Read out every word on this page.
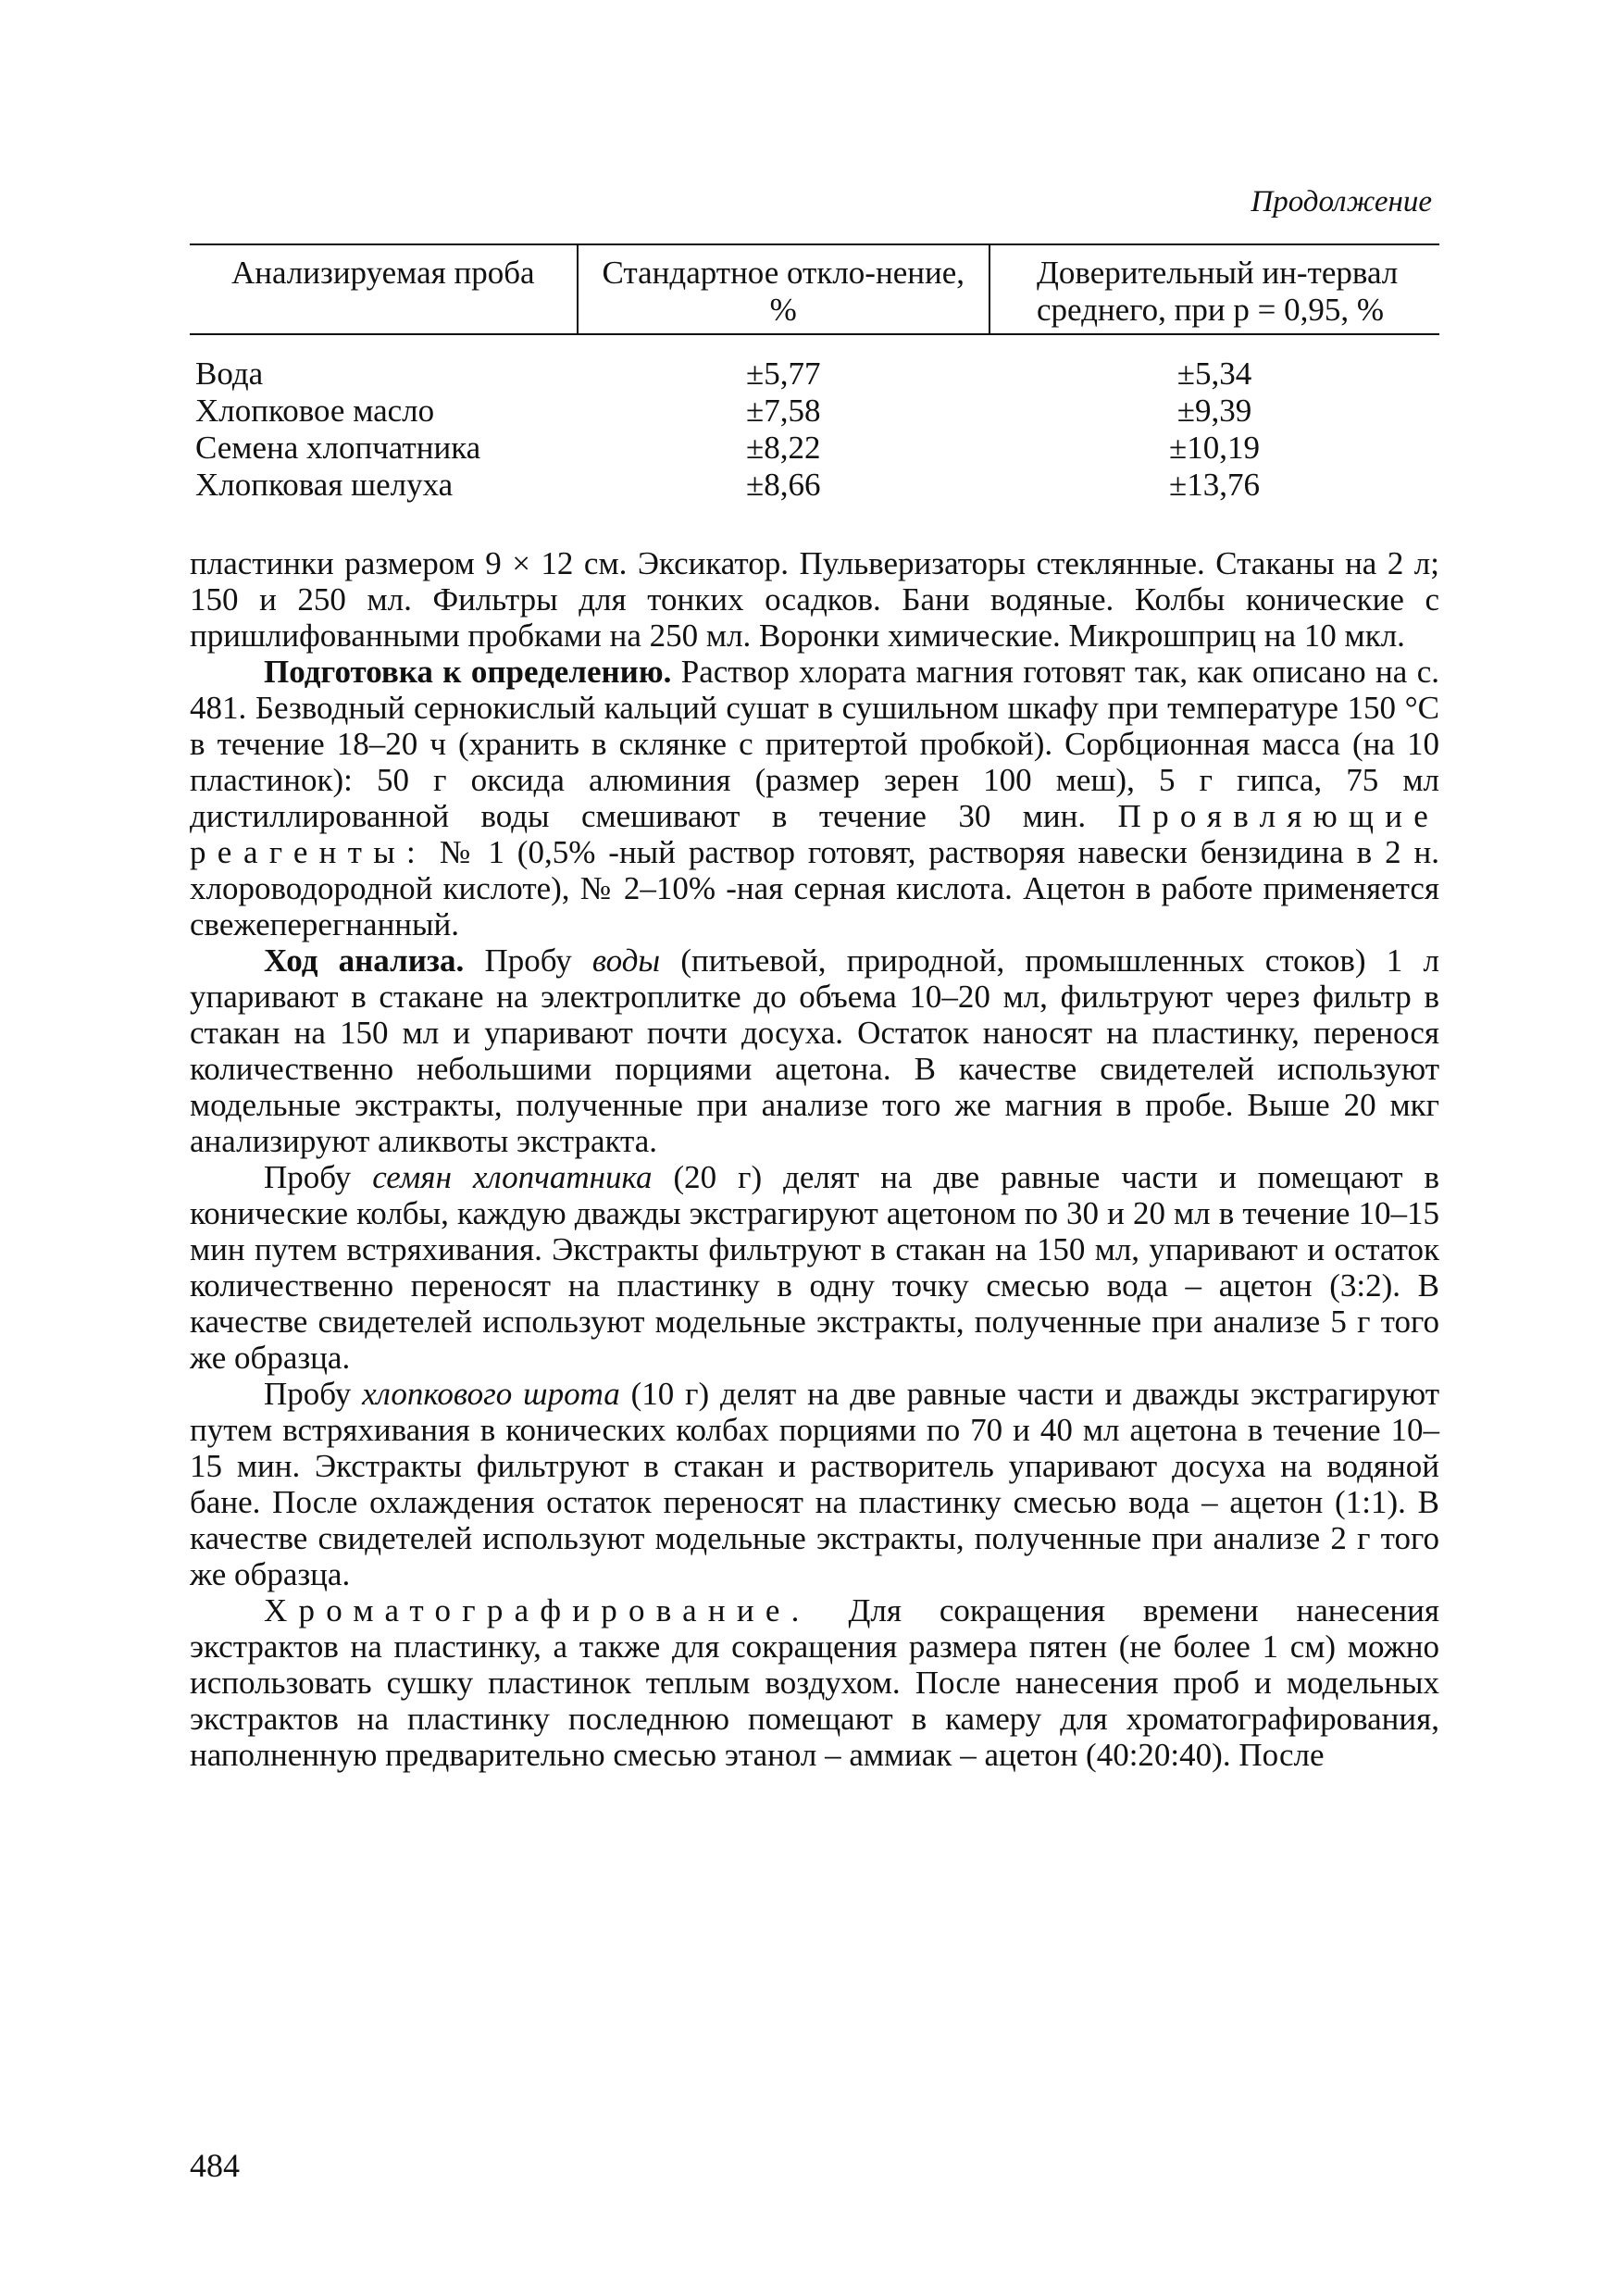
Продолжение
Анализируемая проба	Стандартное откло-нение, %	Доверительный ин-тервал среднего, при p = 0,95, %
Вода	±5,77	±5,34
Хлопковое масло	±7,58	±9,39
Семена хлопчатника	±8,22	±10,19
Хлопковая шелуха	±8,66	±13,76

пластинки размером 9 × 12 см. Эксикатор. Пульверизаторы стеклянные. Стаканы на 2 л; 150 и 250 мл. Фильтры для тонких осадков. Бани водяные. Колбы конические с пришлифованными пробками на 250 мл. Воронки химические. Микрошприц на 10 мкл.

Подготовка к определению. Раствор хлората магния готовят так, как описано на с. 481. Безводный сернокислый кальций сушат в сушильном шкафу при температуре 150 °С в течение 18–20 ч (хранить в склянке с притертой пробкой). Сорбционная масса (на 10 пластинок): 50 г оксида алюминия (размер зерен 100 меш), 5 г гипса, 75 мл дистиллированной воды смешивают в течение 30 мин. Проявляющие реагенты: № 1 (0,5% -ный раствор готовят, растворяя навески бензидина в 2 н. хлороводородной кислоте), № 2–10% -ная серная кислота. Ацетон в работе применяется свежеперегнанный.

Ход анализа. Пробу воды (питьевой, природной, промышленных стоков) 1 л упаривают в стакане на электроплитке до объема 10–20 мл, фильтруют через фильтр в стакан на 150 мл и упаривают почти досуха. Остаток наносят на пластинку, перенося количественно небольшими порциями ацетона. В качестве свидетелей используют модельные экстракты, полученные при анализе того же магния в пробе. Выше 20 мкг анализируют аликвоты экстракта.

Пробу семян хлопчатника (20 г) делят на две равные части и помещают в конические колбы, каждую дважды экстрагируют ацетоном по 30 и 20 мл в течение 10–15 мин путем встряхивания. Экстракты фильтруют в стакан на 150 мл, упаривают и остаток количественно переносят на пластинку в одну точку смесью вода – ацетон (3:2). В качестве свидетелей используют модельные экстракты, полученные при анализе 5 г того же образца.

Пробу хлопкового шрота (10 г) делят на две равные части и дважды экстрагируют путем встряхивания в конических колбах порциями по 70 и 40 мл ацетона в течение 10–15 мин. Экстракты фильтруют в стакан и растворитель упаривают досуха на водяной бане. После охлаждения остаток переносят на пластинку смесью вода – ацетон (1:1). В качестве свидетелей используют модельные экстракты, полученные при анализе 2 г того же образца.

Хроматографирование. Для сокращения времени нанесения экстрактов на пластинку, а также для сокращения размера пятен (не более 1 см) можно использовать сушку пластинок теплым воздухом. После нанесения проб и модельных экстрактов на пластинку последнюю помещают в камеру для хроматографирования, наполненную предварительно смесью этанол – аммиак – ацетон (40:20:40). После

484
